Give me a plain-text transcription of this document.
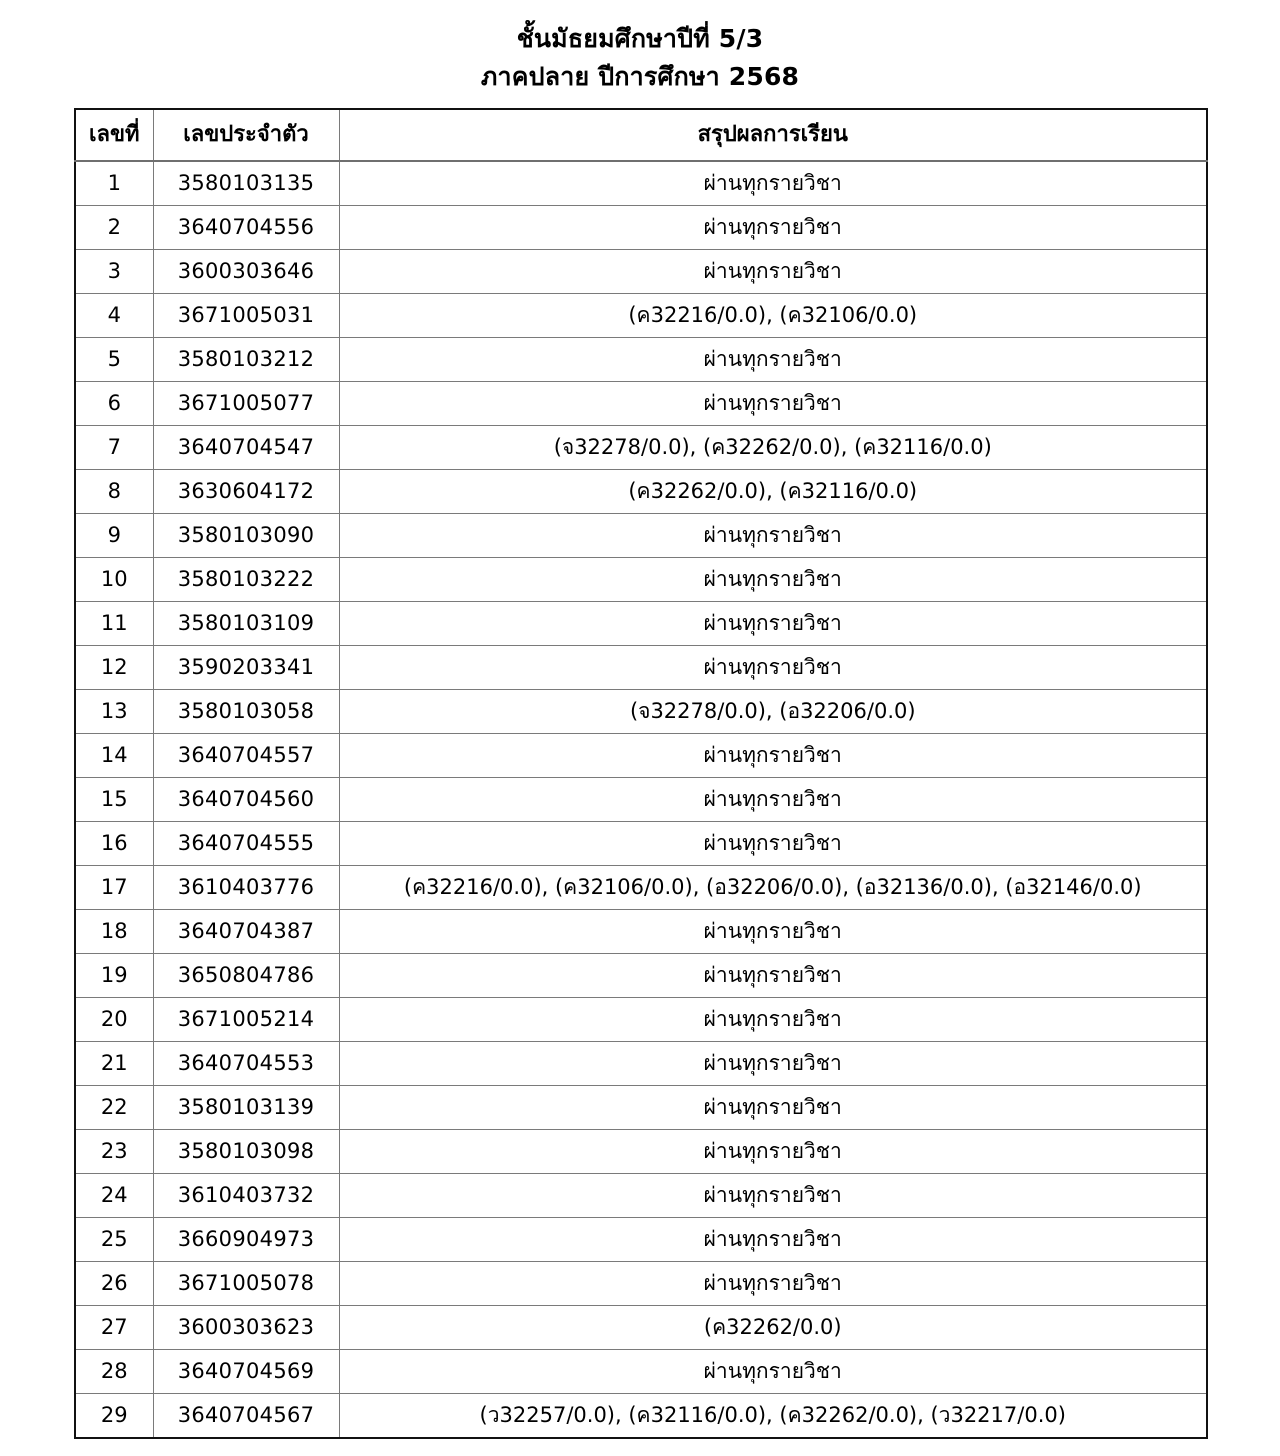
ชั้นมัธยมศึกษาปีที่ 5/3
ภาคปลาย ปีการศึกษา 2568
เลขที่	เลขประจำตัว	สรุปผลการเรียน
1	3580103135	ผ่านทุกรายวิชา
2	3640704556	ผ่านทุกรายวิชา
3	3600303646	ผ่านทุกรายวิชา
4	3671005031	(ค32216/0.0), (ค32106/0.0)
5	3580103212	ผ่านทุกรายวิชา
6	3671005077	ผ่านทุกรายวิชา
7	3640704547	(จ32278/0.0), (ค32262/0.0), (ค32116/0.0)
8	3630604172	(ค32262/0.0), (ค32116/0.0)
9	3580103090	ผ่านทุกรายวิชา
10	3580103222	ผ่านทุกรายวิชา
11	3580103109	ผ่านทุกรายวิชา
12	3590203341	ผ่านทุกรายวิชา
13	3580103058	(จ32278/0.0), (อ32206/0.0)
14	3640704557	ผ่านทุกรายวิชา
15	3640704560	ผ่านทุกรายวิชา
16	3640704555	ผ่านทุกรายวิชา
17	3610403776	(ค32216/0.0), (ค32106/0.0), (อ32206/0.0), (อ32136/0.0), (อ32146/0.0)
18	3640704387	ผ่านทุกรายวิชา
19	3650804786	ผ่านทุกรายวิชา
20	3671005214	ผ่านทุกรายวิชา
21	3640704553	ผ่านทุกรายวิชา
22	3580103139	ผ่านทุกรายวิชา
23	3580103098	ผ่านทุกรายวิชา
24	3610403732	ผ่านทุกรายวิชา
25	3660904973	ผ่านทุกรายวิชา
26	3671005078	ผ่านทุกรายวิชา
27	3600303623	(ค32262/0.0)
28	3640704569	ผ่านทุกรายวิชา
29	3640704567	(ว32257/0.0), (ค32116/0.0), (ค32262/0.0), (ว32217/0.0)
